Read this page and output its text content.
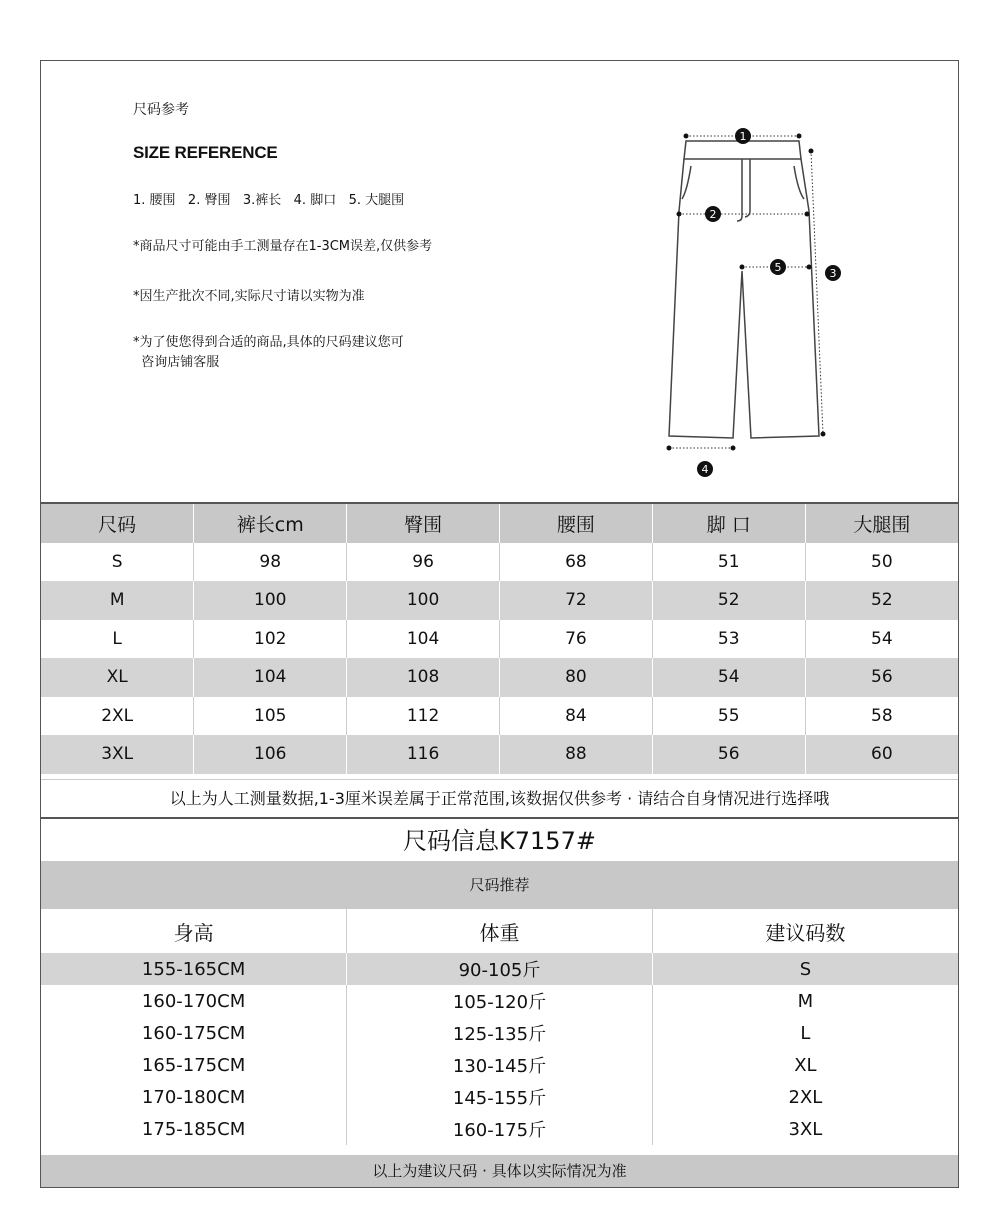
尺码参考
SIZE REFERENCE
1. 腰围   2. 臀围   3.裤长   4. 脚口   5. 大腿围
*商品尺寸可能由手工测量存在1-3CM误差,仅供参考
*因生产批次不同,实际尺寸请以实物为准
*为了使您得到合适的商品,具体的尺码建议您可
咨询店铺客服
1
2
3
4
5
尺码	裤长cm	臀围	腰围	脚 口	大腿围
S	98	96	68	51	50
M	100	100	72	52	52
L	102	104	76	53	54
XL	104	108	80	54	56
2XL	105	112	84	55	58
3XL	106	116	88	56	60
以上为人工测量数据,1-3厘米误差属于正常范围,该数据仅供参考 · 请结合自身情况进行选择哦
尺码信息K7157#
尺码推荐
身高	体重	建议码数
155-165CM	90-105斤	S
160-170CM	105-120斤	M
160-175CM	125-135斤	L
165-175CM	130-145斤	XL
170-180CM	145-155斤	2XL
175-185CM	160-175斤	3XL
以上为建议尺码 · 具体以实际情况为准
